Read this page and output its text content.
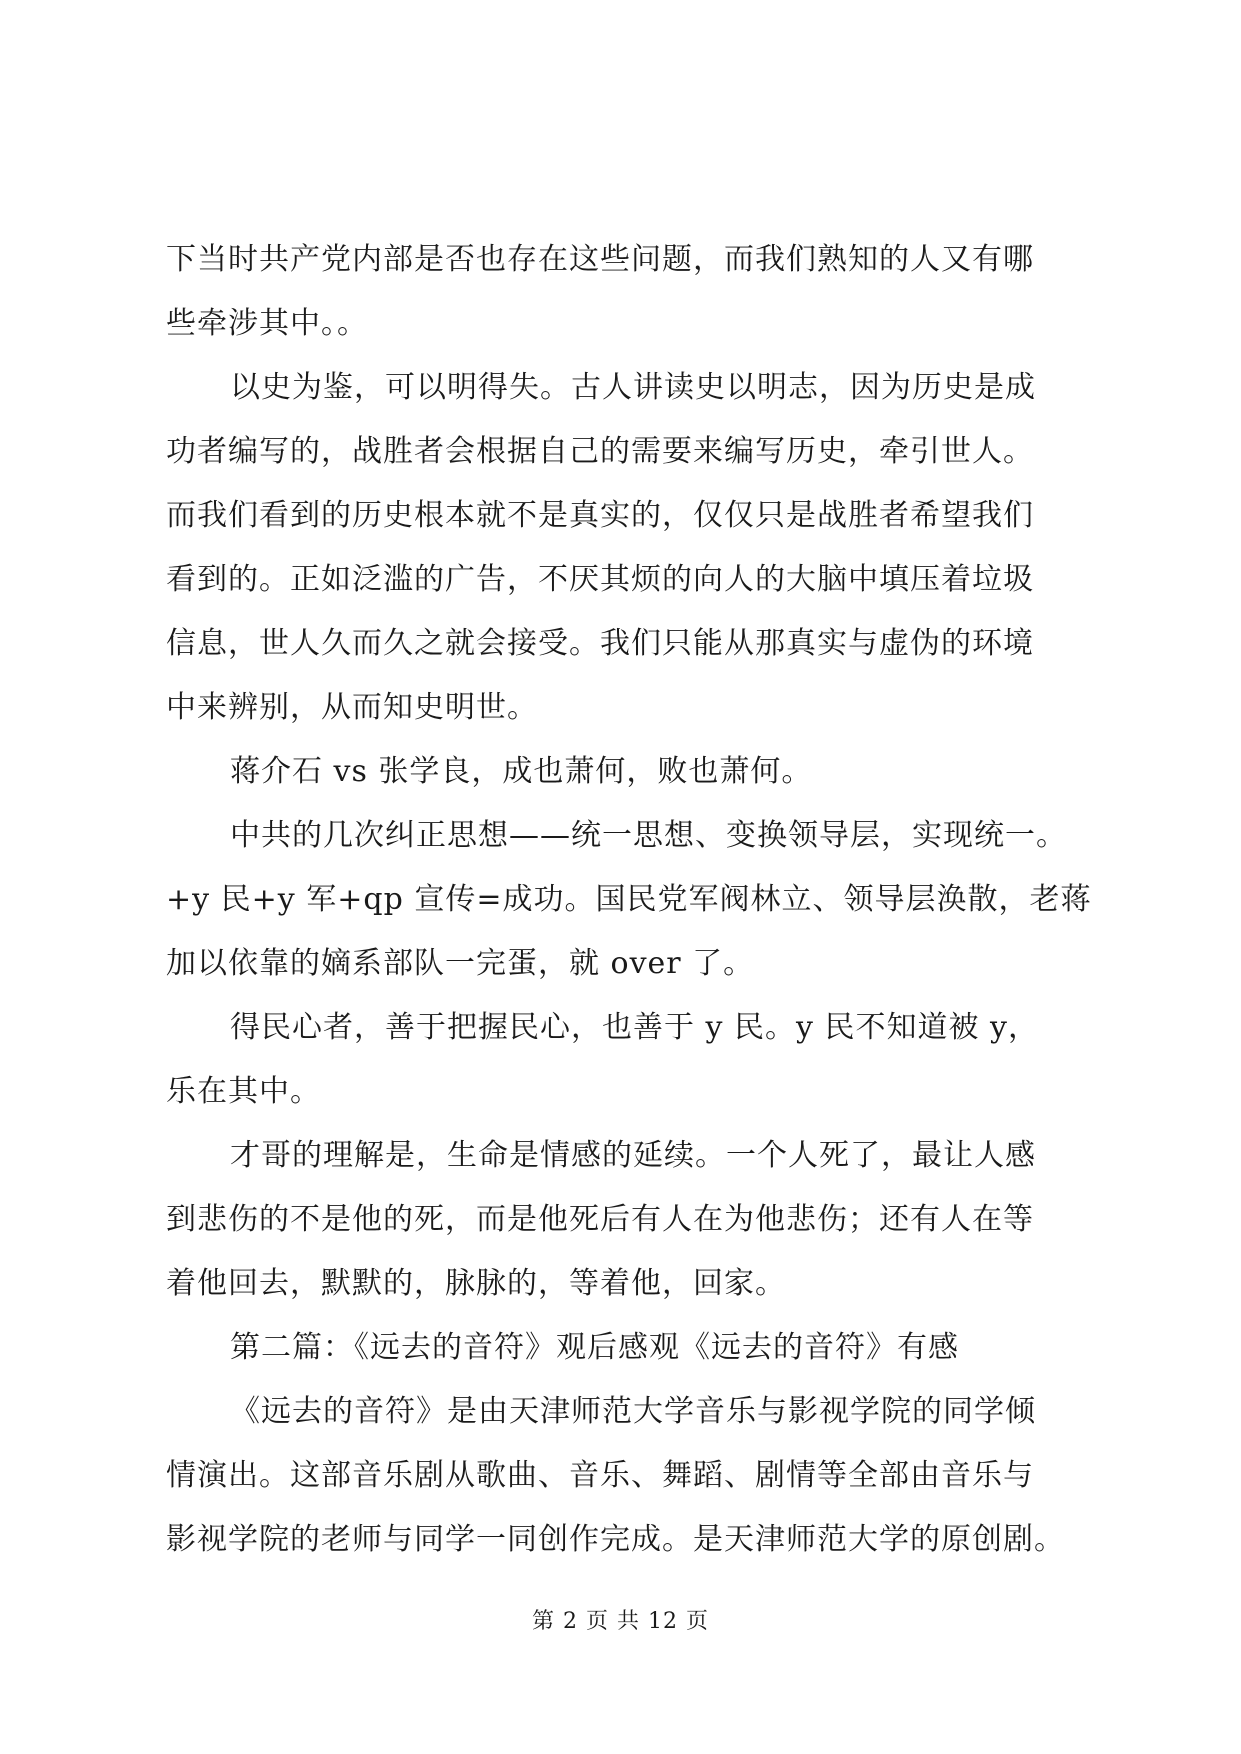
下当时共产党内部是否也存在这些问题，而我们熟知的人又有哪
些牵涉其中。。
以史为鉴，可以明得失。古人讲读史以明志，因为历史是成
功者编写的，战胜者会根据自己的需要来编写历史，牵引世人。
而我们看到的历史根本就不是真实的，仅仅只是战胜者希望我们
看到的。正如泛滥的广告，不厌其烦的向人的大脑中填压着垃圾
信息，世人久而久之就会接受。我们只能从那真实与虚伪的环境
中来辨别，从而知史明世。
蒋介石 vs 张学良，成也萧何，败也萧何。
中共的几次纠正思想——统一思想、变换领导层，实现统一。
+y 民+y 军+qp 宣传=成功。国民党军阀林立、领导层涣散，老蒋
加以依靠的嫡系部队一完蛋，就 over 了。
得民心者，善于把握民心，也善于 y 民。y 民不知道被 y，
乐在其中。
才哥的理解是，生命是情感的延续。一个人死了，最让人感
到悲伤的不是他的死，而是他死后有人在为他悲伤；还有人在等
着他回去，默默的，脉脉的，等着他，回家。
第二篇：《远去的音符》观后感观《远去的音符》有感
《远去的音符》是由天津师范大学音乐与影视学院的同学倾
情演出。这部音乐剧从歌曲、音乐、舞蹈、剧情等全部由音乐与
影视学院的老师与同学一同创作完成。是天津师范大学的原创剧。
第 2 页 共 12 页
